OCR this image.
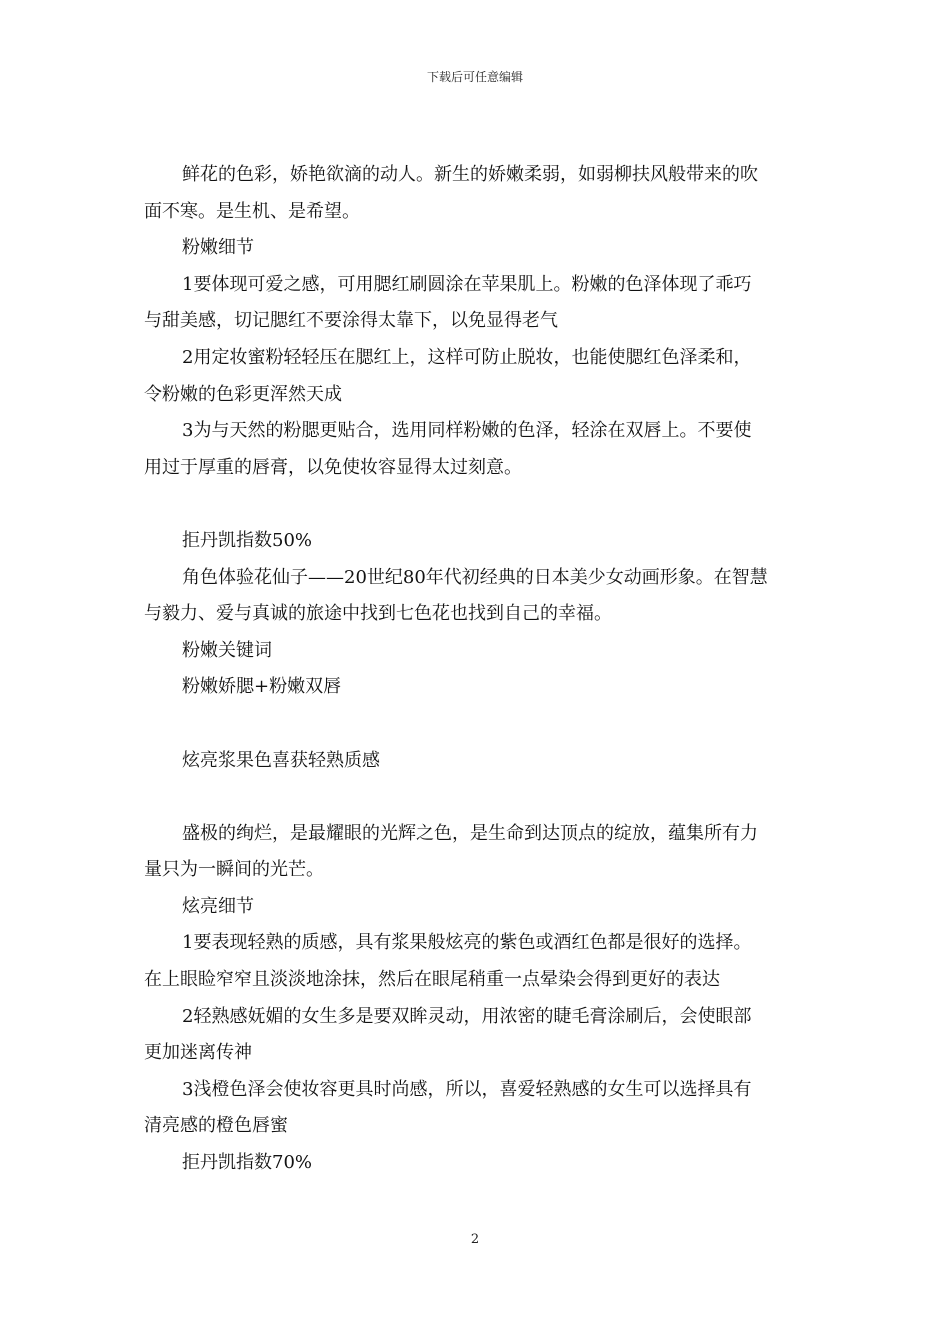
下载后可任意编辑
鲜花的色彩，娇艳欲滴的动人。新生的娇嫩柔弱，如弱柳扶风般带来的吹
面不寒。是生机、是希望。
粉嫩细节
1要体现可爱之感，可用腮红刷圆涂在苹果肌上。粉嫩的色泽体现了乖巧
与甜美感，切记腮红不要涂得太靠下，以免显得老气
2用定妆蜜粉轻轻压在腮红上，这样可防止脱妆，也能使腮红色泽柔和，
令粉嫩的色彩更浑然天成
3为与天然的粉腮更贴合，选用同样粉嫩的色泽，轻涂在双唇上。不要使
用过于厚重的唇膏，以免使妆容显得太过刻意。
拒丹凯指数50%
角色体验花仙子——20世纪80年代初经典的日本美少女动画形象。在智慧
与毅力、爱与真诚的旅途中找到七色花也找到自己的幸福。
粉嫩关键词
粉嫩娇腮+粉嫩双唇
炫亮浆果色喜获轻熟质感
盛极的绚烂，是最耀眼的光辉之色，是生命到达顶点的绽放，蕴集所有力
量只为一瞬间的光芒。
炫亮细节
1要表现轻熟的质感，具有浆果般炫亮的紫色或酒红色都是很好的选择。
在上眼睑窄窄且淡淡地涂抹，然后在眼尾稍重一点晕染会得到更好的表达
2轻熟感妩媚的女生多是要双眸灵动，用浓密的睫毛膏涂刷后，会使眼部
更加迷离传神
3浅橙色泽会使妆容更具时尚感，所以，喜爱轻熟感的女生可以选择具有
清亮感的橙色唇蜜
拒丹凯指数70%
2
